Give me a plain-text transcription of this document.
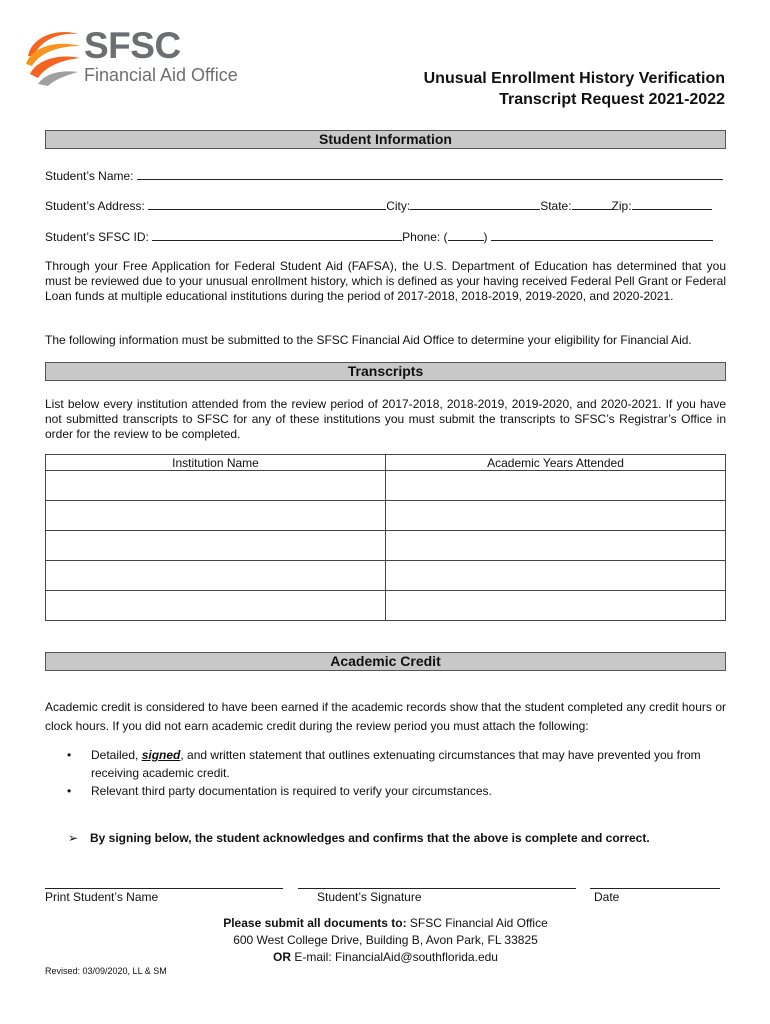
SFSC
Financial Aid Office	Unusual Enrollment History Verification
Transcript Request 2021-2022
Student Information
Student’s Name:
Student’s Address:	City:	State:	Zip:
Student’s SFSC ID:	Phone: (	)
Through your Free Application for Federal Student Aid (FAFSA), the U.S. Department of Education has determined that you must be reviewed due to your unusual enrollment history, which is defined as your having received Federal Pell Grant or Federal Loan funds at multiple educational institutions during the period of 2017-2018, 2018-2019, 2019-2020, and 2020-2021.
The following information must be submitted to the SFSC Financial Aid Office to determine your eligibility for Financial Aid.
Transcripts
List below every institution attended from the review period of 2017-2018, 2018-2019, 2019-2020, and 2020-2021. If you have not submitted transcripts to SFSC for any of these institutions you must submit the transcripts to SFSC’s Registrar’s Office in order for the review to be completed.
Institution Name	Academic Years Attended

Academic Credit
Academic credit is considered to have been earned if the academic records show that the student completed any credit hours or clock hours. If you did not earn academic credit during the review period you must attach the following:
• Detailed, signed, and written statement that outlines extenuating circumstances that may have prevented you from receiving academic credit.
• Relevant third party documentation is required to verify your circumstances.
➢ By signing below, the student acknowledges and confirms that the above is complete and correct.
Print Student’s Name	Student’s Signature	Date
Please submit all documents to: SFSC Financial Aid Office
600 West College Drive, Building B, Avon Park, FL 33825
OR E-mail: FinancialAid@southflorida.edu
Revised: 03/09/2020, LL & SM
